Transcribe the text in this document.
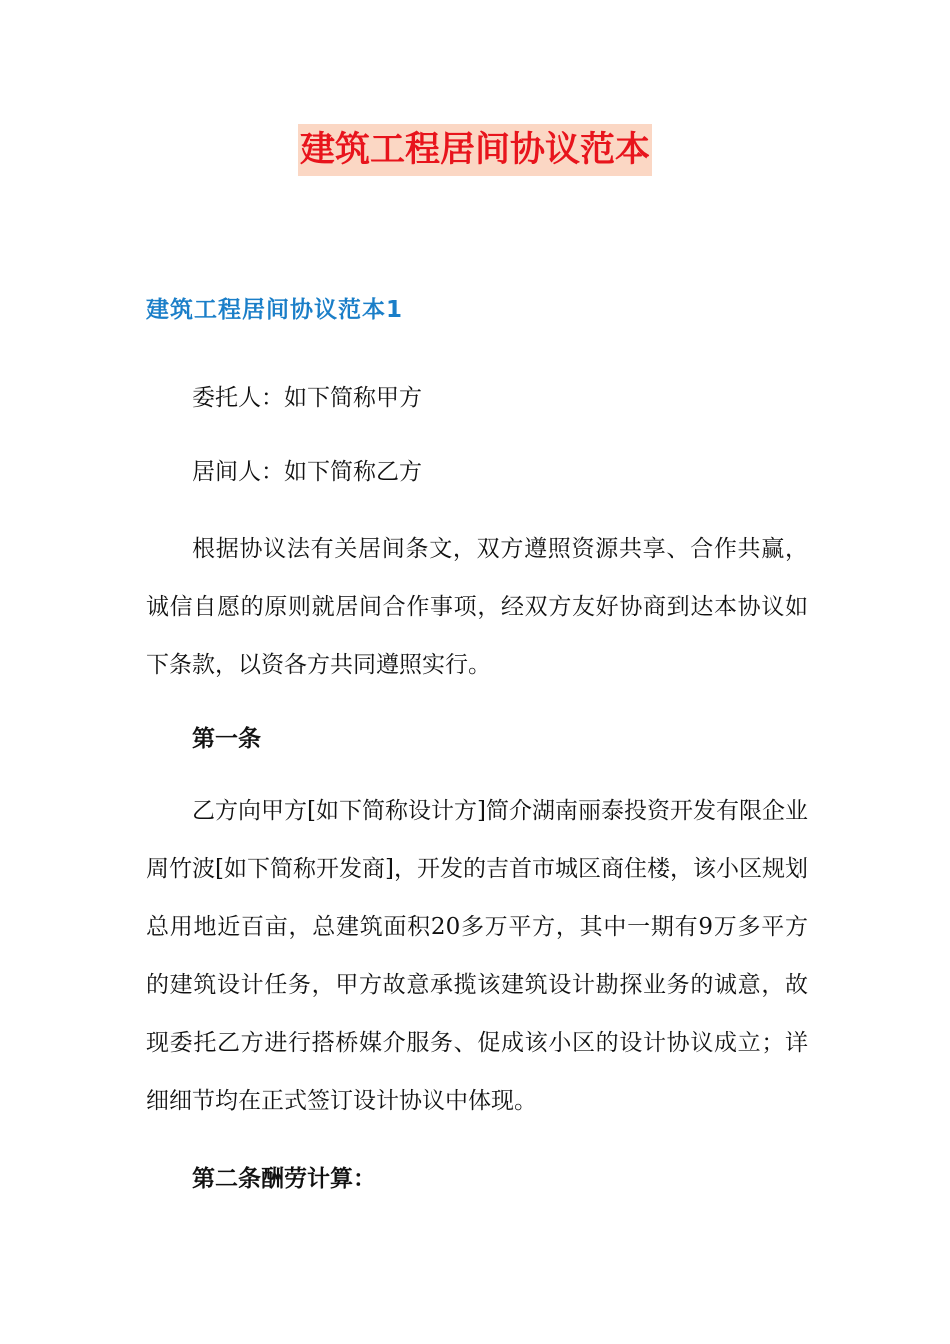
建筑工程居间协议范本
建筑工程居间协议范本1

委托人：如下简称甲方

居间人：如下简称乙方

根据协议法有关居间条文，双方遵照资源共享、合作共赢，诚信自愿的原则就居间合作事项，经双方友好协商到达本协议如下条款，以资各方共同遵照实行。

第一条

乙方向甲方[如下简称设计方]简介湖南丽泰投资开发有限企业周竹波[如下简称开发商]，开发的吉首市城区商住楼，该小区规划总用地近百亩，总建筑面积20多万平方，其中一期有9万多平方的建筑设计任务，甲方故意承揽该建筑设计勘探业务的诚意，故现委托乙方进行搭桥媒介服务、促成该小区的设计协议成立；详细细节均在正式签订设计协议中体现。

第二条酬劳计算：
